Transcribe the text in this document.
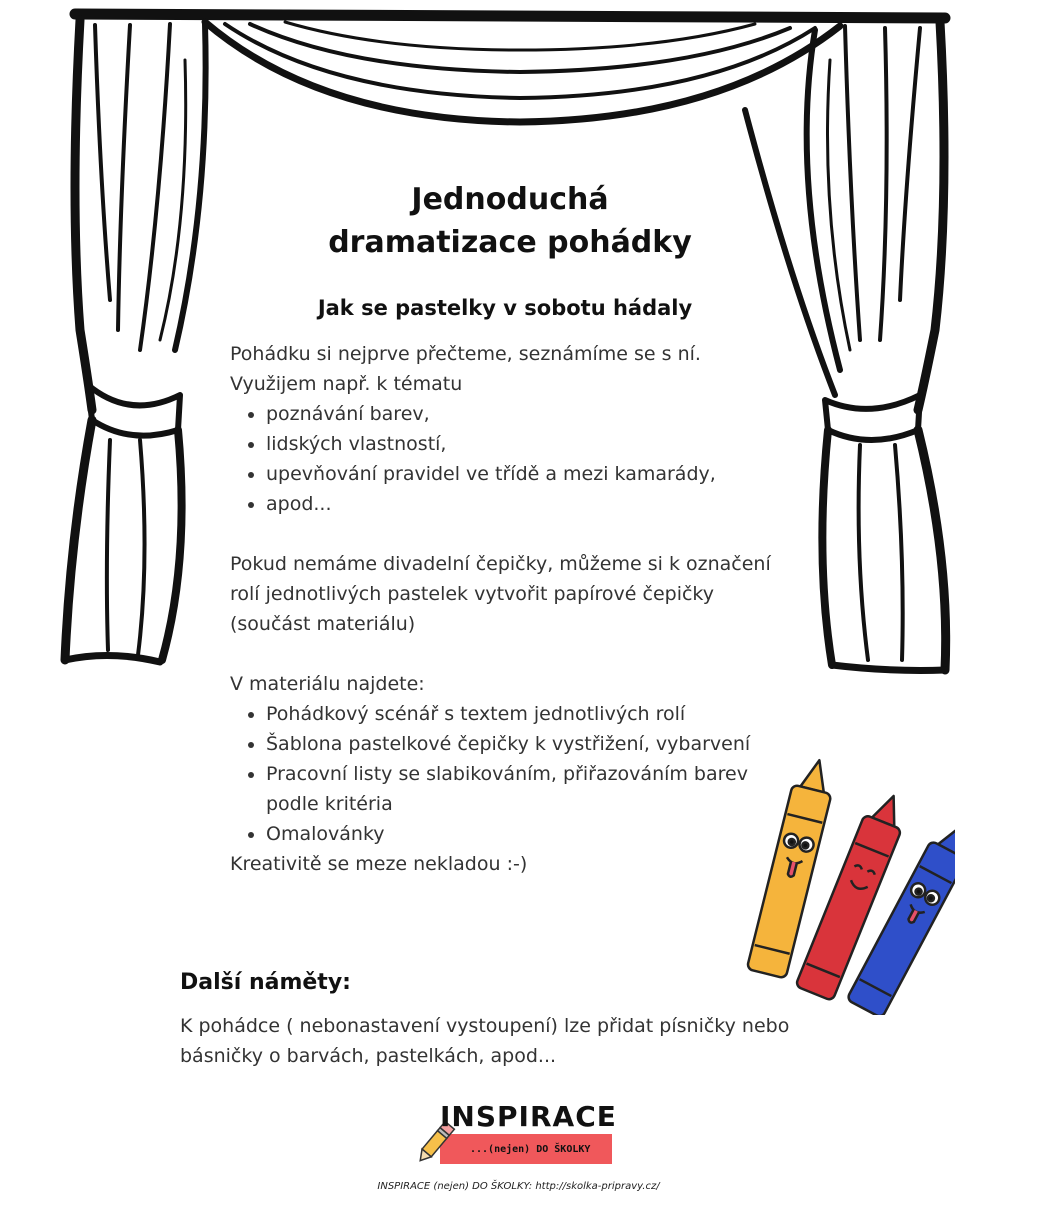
Jednoduchá
dramatizace pohádky
Jak se pastelky v sobotu hádaly

Pohádku si nejprve přečteme, seznámíme se s ní.

Využijem např. k tématu

• poznávání barev,
• lidských vlastností,
• upevňování pravidel ve třídě a mezi kamarády,
• apod...

Pokud nemáme divadelní čepičky, můžeme si k označení rolí jednotlivých pastelek vytvořit papírové čepičky (součást materiálu)

V materiálu najdete:

• Pohádkový scénář s textem jednotlivých rolí
• Šablona pastelkové čepičky k vystřižení, vybarvení
• Pracovní listy se slabikováním, přiřazováním barev podle kritéria
• Omalovánky

Kreativitě se meze nekladou :-)

Další náměty:
K pohádce ( nebonastavení vystoupení) lze přidat písničky nebo básničky o barvách, pastelkách, apod...
INSPIRACE
...(nejen) DO ŠKOLKY
INSPIRACE (nejen) DO ŠKOLKY: http://skolka-pripravy.cz/
